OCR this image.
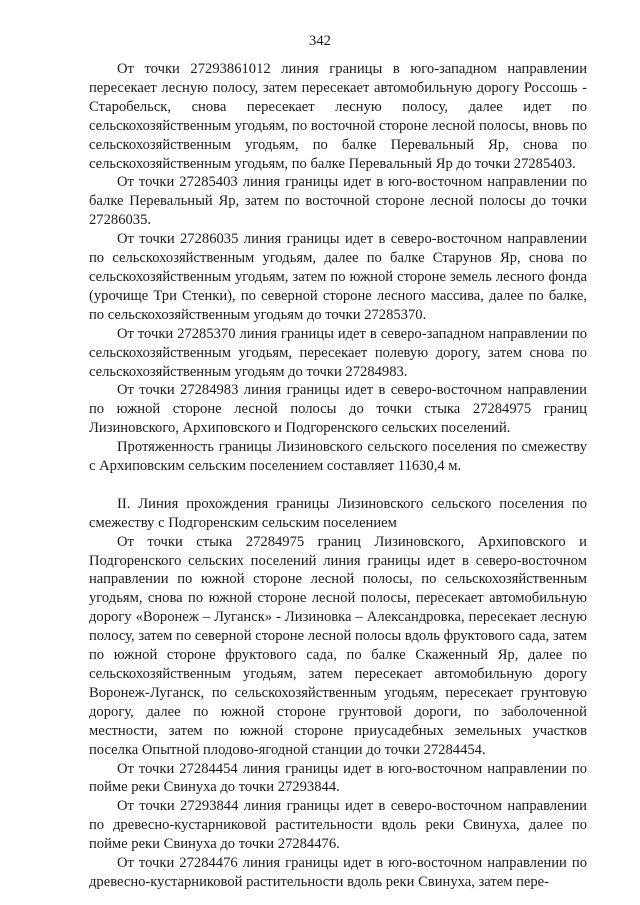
342

От точки 27293861012 линия границы в юго-западном направлении пересекает лесную полосу, затем пересекает автомобильную дорогу Россошь - Старобельск, снова пересекает лесную полосу, далее идет по сельскохозяйственным угодьям, по восточной стороне лесной полосы, вновь по сельскохозяйственным угодьям, по балке Перевальный Яр, снова по сельскохозяйственным угодьям, по балке Перевальный Яр до точки 27285403.

От точки 27285403 линия границы идет в юго-восточном направлении по балке Перевальный Яр, затем по восточной стороне лесной полосы до точки 27286035.

От точки 27286035 линия границы идет в северо-восточном направлении по сельскохозяйственным угодьям, далее по балке Старунов Яр, снова по сельскохозяйственным угодьям, затем по южной стороне земель лесного фонда (урочище Три Стенки), по северной стороне лесного массива, далее по балке, по сельскохозяйственным угодьям до точки 27285370.

От точки 27285370 линия границы идет в северо-западном направлении по сельскохозяйственным угодьям, пересекает полевую дорогу, затем снова по сельскохозяйственным угодьям до точки 27284983.

От точки 27284983 линия границы идет в северо-восточном направлении по южной стороне лесной полосы до точки стыка 27284975 границ Лизиновского, Архиповского и Подгоренского сельских поселений.

Протяженность границы Лизиновского сельского поселения по смежеству с Архиповским сельским поселением составляет 11630,4 м.

II. Линия прохождения границы Лизиновского сельского поселения по смежеству с Подгоренским сельским поселением

От точки стыка 27284975 границ Лизиновского, Архиповского и Подгоренского сельских поселений линия границы идет в северо-восточном направлении по южной стороне лесной полосы, по сельскохозяйственным угодьям, снова по южной стороне лесной полосы, пересекает автомобильную дорогу «Воронеж – Луганск» - Лизиновка – Александровка, пересекает лесную полосу, затем по северной стороне лесной полосы вдоль фруктового сада, затем по южной стороне фруктового сада, по балке Скаженный Яр, далее по сельскохозяйственным угодьям, затем пересекает автомобильную дорогу Воронеж-Луганск, по сельскохозяйственным угодьям, пересекает грунтовую дорогу, далее по южной стороне грунтовой дороги, по заболоченной местности, затем по южной стороне приусадебных земельных участков поселка Опытной плодово-ягодной станции до точки 27284454.

От точки 27284454 линия границы идет в юго-восточном направлении по пойме реки Свинуха до точки 27293844.

От точки 27293844 линия границы идет в северо-восточном направлении по древесно-кустарниковой растительности вдоль реки Свинуха, далее по пойме реки Свинуха до точки 27284476.

От точки 27284476 линия границы идет в юго-восточном направлении по древесно-кустарниковой растительности вдоль реки Свинуха, затем пере-
